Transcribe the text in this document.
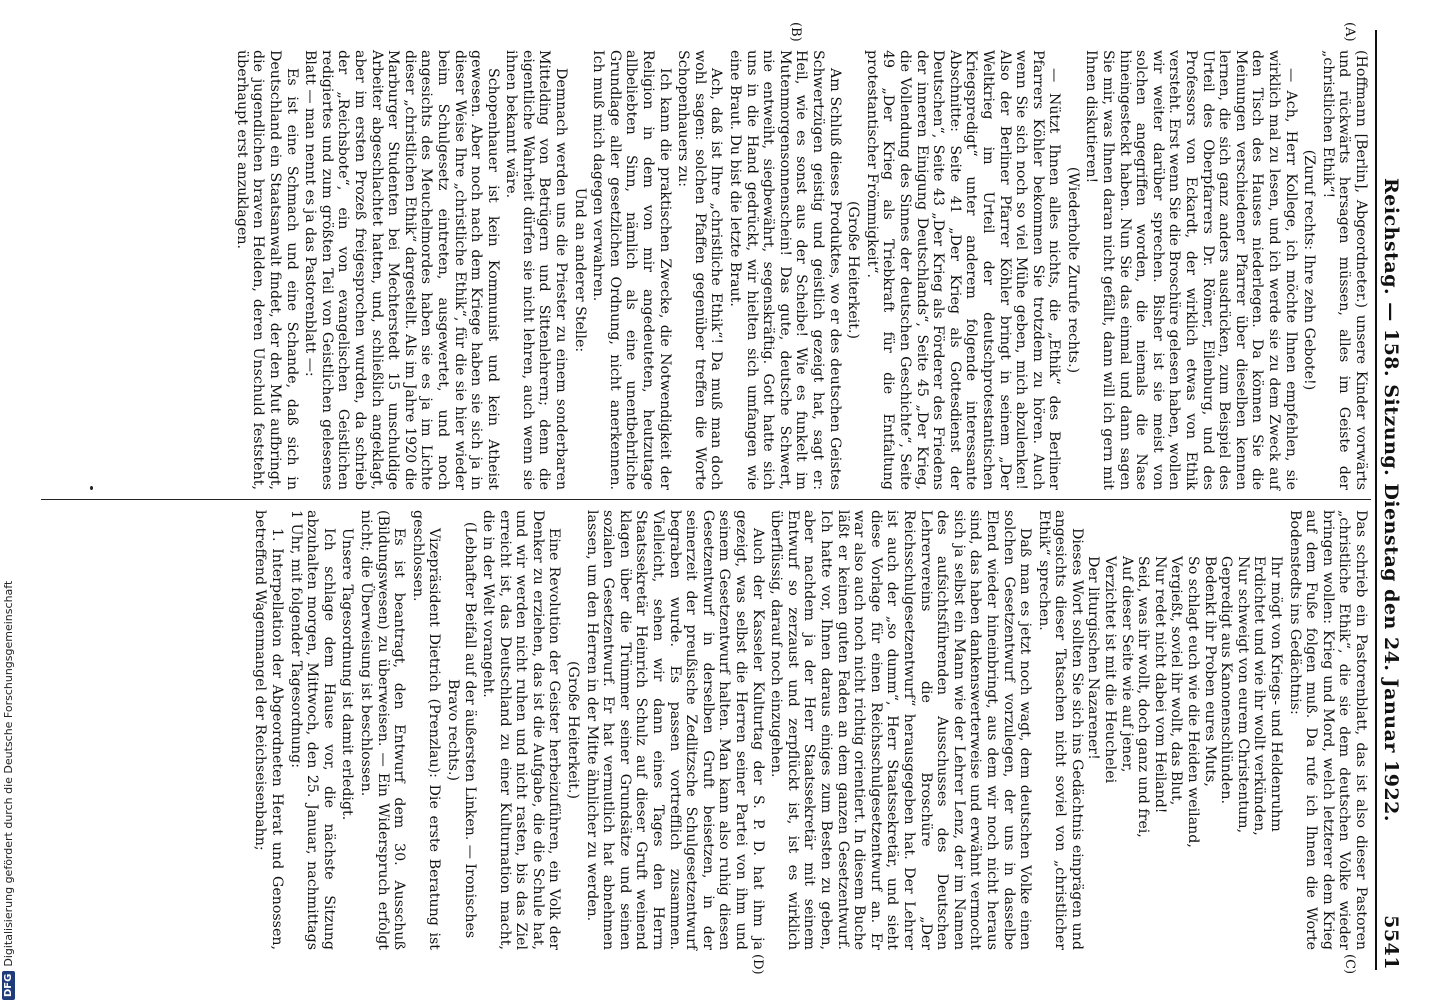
Reichstag. — 158. Sitzung. Dienstag den 24. Januar 1922.
5541
(A)
(B)
(C)
(D)

(Hoffmann [Berlin], Abgeordneter.) unsere Kinder vorwärts und rückwärts hersagen müssen, alles im Geiste der „christlichen Ethik“!

(Zuruf rechts: Ihre zehn Gebote!)

— Ach, Herr Kollege, ich möchte Ihnen empfehlen, sie wirklich mal zu lesen, und ich werde sie zu dem Zweck auf den Tisch des Hauses niederlegen. Da können Sie die Meinungen verschiedener Pfarrer über dieselben kennen lernen, die sich ganz anders ausdrücken, zum Beispiel des Urteil des Oberpfarrers Dr. Römer, Eilenburg, und des Professors von Eckardt, der wirklich etwas von Ethik versteht. Erst wenn Sie die Broschüre gelesen haben, wollen wir weiter darüber sprechen. Bisher ist sie meist von solchen angegriffen worden, die niemals die Nase hineingesteckt haben. Nun Sie das einmal und dann sagen Sie mir, was Ihnen daran nicht gefällt, dann will ich gern mit Ihnen diskutieren!

(Wiederholte Zurufe rechts.)

— Nützt Ihnen alles nichts, die „Ethik“ des Berliner Pfarrers Köhler bekommen Sie trotzdem zu hören. Auch wenn Sie sich noch so viel Mühe geben, mich abzulenken! Also der Berliner Pfarrer Köhler bringt in seinem „Der Weltkrieg im Urteil der deutschprotestantischen Kriegspredigt“ unter anderem folgende interessante Abschnitte: Seite 41 „Der Krieg als Gottesdienst der Deutschen“, Seite 43 „Der Krieg als Förderer des Friedens der inneren Einigung Deutschlands“, Seite 45 „Der Krieg, die Vollendung des Sinnes der deutschen Geschichte“, Seite 49 „Der Krieg als Triebkraft für die Entfaltung protestantischer Frömmigkeit“.

(Große Heiterkeit.)

Am Schluß dieses Produktes, wo er des deutschen Geistes Schwertzügen geistig und geistlich gezeigt hat, sagt er: Heil, wie es sonst aus der Scheibe! Wie es funkelt im Mutenmorgensonnenschein! Das gute, deutsche Schwert, nie entweiht, siegbewährt, segenskräftig. Gott hatte sich uns in die Hand gedrückt, wir hielten sich umfangen wie eine Braut. Du bist die letzte Braut.

Ach, daß ist Ihre „christliche Ethik“! Da muß man doch wohl sagen: solchen Pfaffen gegenüber treffen die Worte Schopenhauers zu:

Ich kann die praktischen Zwecke, die Notwendigkeit der Religion in dem von mir angedeuteten, heutzutage allbeliebten Sinn, nämlich als eine unentbehrliche Grundlage aller gesetzlichen Ordnung, nicht anerkennen. Ich muß mich dagegen verwahren.

Und an anderer Stelle:

Demnach werden uns die Priester zu einem sonderbaren Mittelding von Betrügern und Sittenlehrern; denn die eigentliche Wahrheit dürfen sie nicht lehren, auch wenn sie ihnen bekannt wäre.

Schopenhauer ist kein Kommunist und kein Atheist gewesen. Aber noch nach dem Kriege haben sie sich ja in dieser Weise Ihre „christliche Ethik“, für die sie hier wieder beim Schulgesetz eintreten, ausgewertet, und noch angesichts des Meuchelmordes haben sie es ja im Lichte dieser „christlichen Ethik“ dargestellt. Als im Jahre 1920 die Marburger Studenten bei Mechterstedt 15 unschuldige Arbeiter abgeschlachtet hatten, und, schließlich angeklagt, aber im ersten Prozeß freigesprochen wurden, da schrieb der „Reichsbote“, ein von evangelischen Geistlichen redigiertes und zum größten Teil von Geistlichen gelesenes Blatt — man nennt es ja das Pastorenblatt —:

Es ist eine Schmach und eine Schande, daß sich in Deutschland ein Staatsanwalt findet, der den Mut aufbringt, die jugendlichen braven Helden, deren Unschuld feststeht, überhaupt erst anzuklagen.

Das schrieb ein Pastorenblatt, das ist also dieser Pastoren „christliche Ethik“, die sie dem deutschen Volke wieder bringen wollen: Krieg und Mord, welch letzterer dem Krieg auf dem Fuße folgen muß. Da rufe ich Ihnen die Worte Bodenstedts ins Gedächtnis:

Ihr mögt von Kriegs- und Heldenruhm

Erdichtet und wie ihr wollt verkünden,

Nur schweigt von eurem Christentum,

Gepredigt aus Kanonenschlünden.

Bedenkt ihr Proben eures Muts,

So schlagt euch wie die Heiden weiland,

Vergießt, soviel ihr wollt, das Blut,

Nur redet nicht dabei vom Heiland!

Seid, was ihr wollt, doch ganz und frei,

Auf dieser Seite wie auf jener,

Verzichtet ist mit die Heuchelei

Der liturgischen Nazarener!

Dieses Wort sollten Sie sich ins Gedächtnis einprägen und angesichts dieser Tatsachen nicht soviel von „christlicher Ethik“ sprechen.

Daß man es jetzt noch wagt, dem deutschen Volke einen solchen Gesetzentwurf vorzulegen, der uns in dasselbe Elend wieder hineinbringt, aus dem wir noch nicht heraus sind, das haben dankenswerterweise und erwähnt vermocht sich ja selbst ein Mann wie der Lehrer Lenz, der im Namen des aufsichtsführenden Ausschusses des Deutschen Lehrervereins die Broschüre „Der Reichsschulgesetzentwurf“ herausgegeben hat. Der Lehrer ist auch der „so dumm“, Herr Staatssekretär, und sieht diese Vorlage für einen Reichsschulgesetzentwurf an. Er war also auch noch nicht richtig orientiert. In diesem Buche läßt er keinen guten Faden an dem ganzen Gesetzentwurf. Ich hatte vor, Ihnen daraus einiges zum Besten zu geben, aber nachdem ja der Herr Staatssekretär mit seinem Entwurf so zerzaust und zerpflückt ist, ist es wirklich überflüssig, darauf noch einzugehen.

Auch der Kasseler Kulturtag der S. P. D. hat ihm ja gezeigt, was selbst die Herren seiner Partei von ihm und seinem Gesetzentwurf halten. Man kann also ruhig diesen Gesetzentwurf in derselben Gruft beisetzen, in der seinerzeit der preußische Zedlitzsche Schulgesetzentwurf begraben wurde. Es passen vortrefflich zusammen. Vielleicht, sehen wir dann eines Tages den Herrn Staatssekretär Heinrich Schulz auf dieser Gruft weinend klagen über die Trümmer seiner Grundsätze und seinen sozialen Gesetzentwurf. Er hat vermutlich hat abnehmen lassen, um den Herren in der Mitte ähnlicher zu werden.

(Große Heiterkeit.)

Eine Revolution der Geister herbeizuführen, ein Volk der Denker zu erziehen, das ist die Aufgabe, die die Schule hat, und wir werden nicht ruhen und nicht rasten, bis das Ziel erreicht ist, das Deutschland zu einer Kulturnation macht, die in der Welt vorangeht.

(Lebhafter Beifall auf der äußersten Linken. — Ironisches Bravo rechts.)

Vizepräsident Dietrich (Prenzlau): Die erste Beratung ist geschlossen.

Es ist beantragt, den Entwurf dem 30. Ausschuß (Bildungswesen) zu überweisen. — Ein Widerspruch erfolgt nicht; die Überweisung ist beschlossen.

Unsere Tagesordnung ist damit erledigt.

Ich schlage dem Hause vor, die nächste Sitzung abzuhalten morgen, Mittwoch, den 25. Januar, nachmittags 1 Uhr, mit folgender Tagesordnung:

1. Interpellation der Abgeordneten Herat und Genossen, betreffend Wagenmangel der Reichseisenbahn;

DFG
Digitalisierung gefördert durch die Deutsche Forschungsgemeinschaft
